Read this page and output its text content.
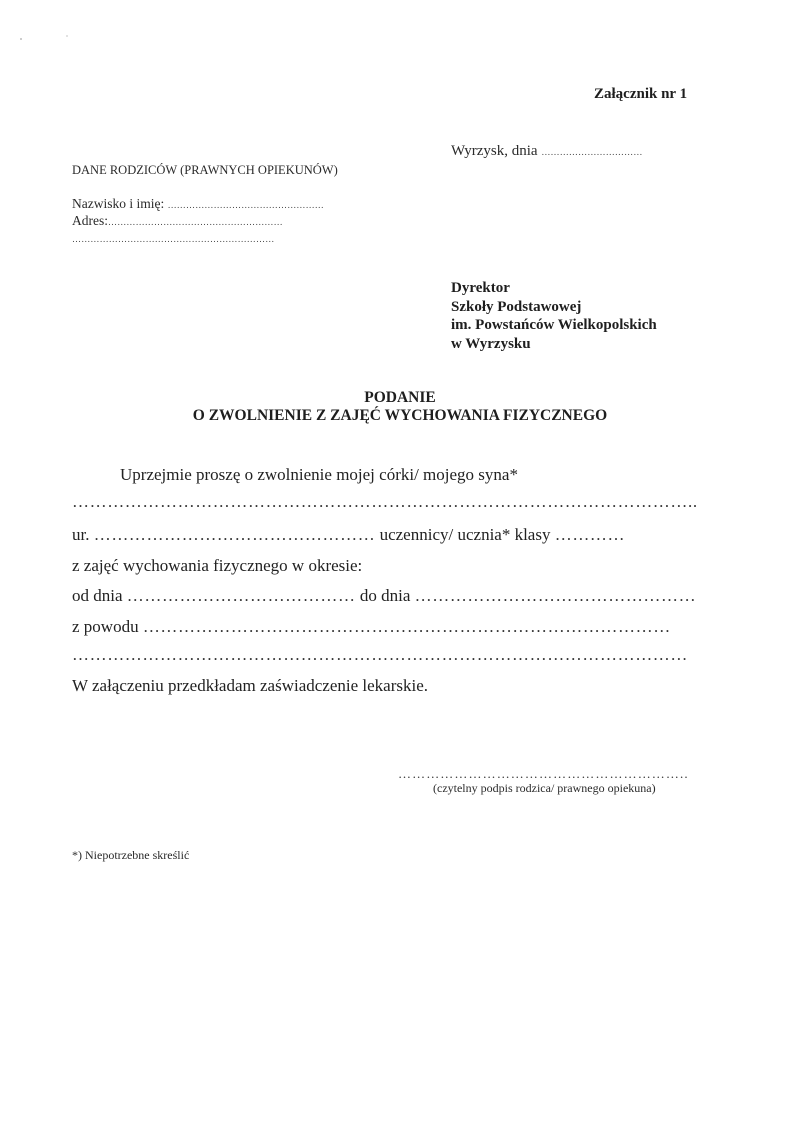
Załącznik nr 1
Wyrzysk, dnia ……………………………
DANE RODZICÓW (PRAWNYCH OPIEKUNÓW)
Nazwisko i imię: ……………………………………………
Adres:…………………………………………………
…………………………………………………………
Dyrektor
Szkoły Podstawowej
im. Powstańców Wielkopolskich
w Wyrzysku
PODANIE
O ZWOLNIENIE Z ZAJĘĆ WYCHOWANIA FIZYCZNEGO
Uprzejmie proszę o zwolnienie mojej córki/ mojego syna*
……………………………………………………………………………………………..
ur. ………………………………………… uczennicy/ ucznia* klasy …………
z zajęć wychowania fizycznego w okresie:
od dnia ………………………………… do dnia …………………………………………
z powodu ………………………………………………………………………………
……………………………………………………………………………………………
W załączeniu przedkładam zaświadczenie lekarskie.
……………………………………………………..
(czytelny podpis rodzica/ prawnego opiekuna)
*) Niepotrzebne skreślić
